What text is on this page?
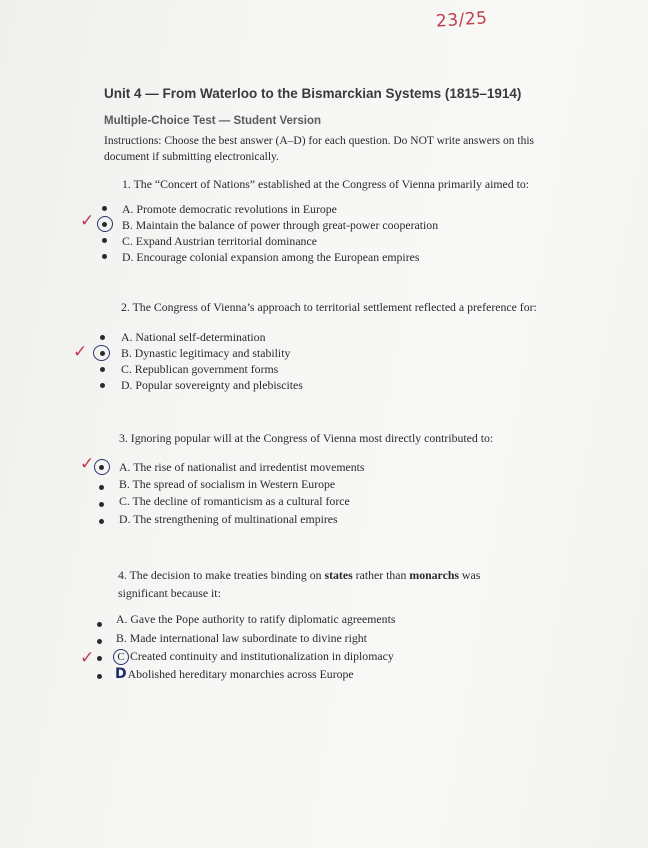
23/25
Unit 4 — From Waterloo to the Bismarckian Systems (1815–1914)
Multiple-Choice Test — Student Version
Instructions: Choose the best answer (A–D) for each question. Do NOT write answers on this document if submitting electronically.
1. The “Concert of Nations” established at the Congress of Vienna primarily aimed to:
A. Promote democratic revolutions in Europe
✓ B. Maintain the balance of power through great-power cooperation
C. Expand Austrian territorial dominance
D. Encourage colonial expansion among the European empires
2. The Congress of Vienna’s approach to territorial settlement reflected a preference for:
A. National self-determination
✓	B. Dynastic legitimacy and stability
C. Republican government forms
D. Popular sovereignty and plebiscites
3. Ignoring popular will at the Congress of Vienna most directly contributed to:
✓ A. The rise of nationalist and irredentist movements
B. The spread of socialism in Western Europe
C. The decline of romanticism as a cultural force
D. The strengthening of multinational empires
4. The decision to make treaties binding on states rather than monarchs was
significant because it:
A. Gave the Pope authority to ratify diplomatic agreements
B. Made international law subordinate to divine right
✓	C Created continuity and institutionalization in diplomacy
DAbolished hereditary monarchies across Europe
